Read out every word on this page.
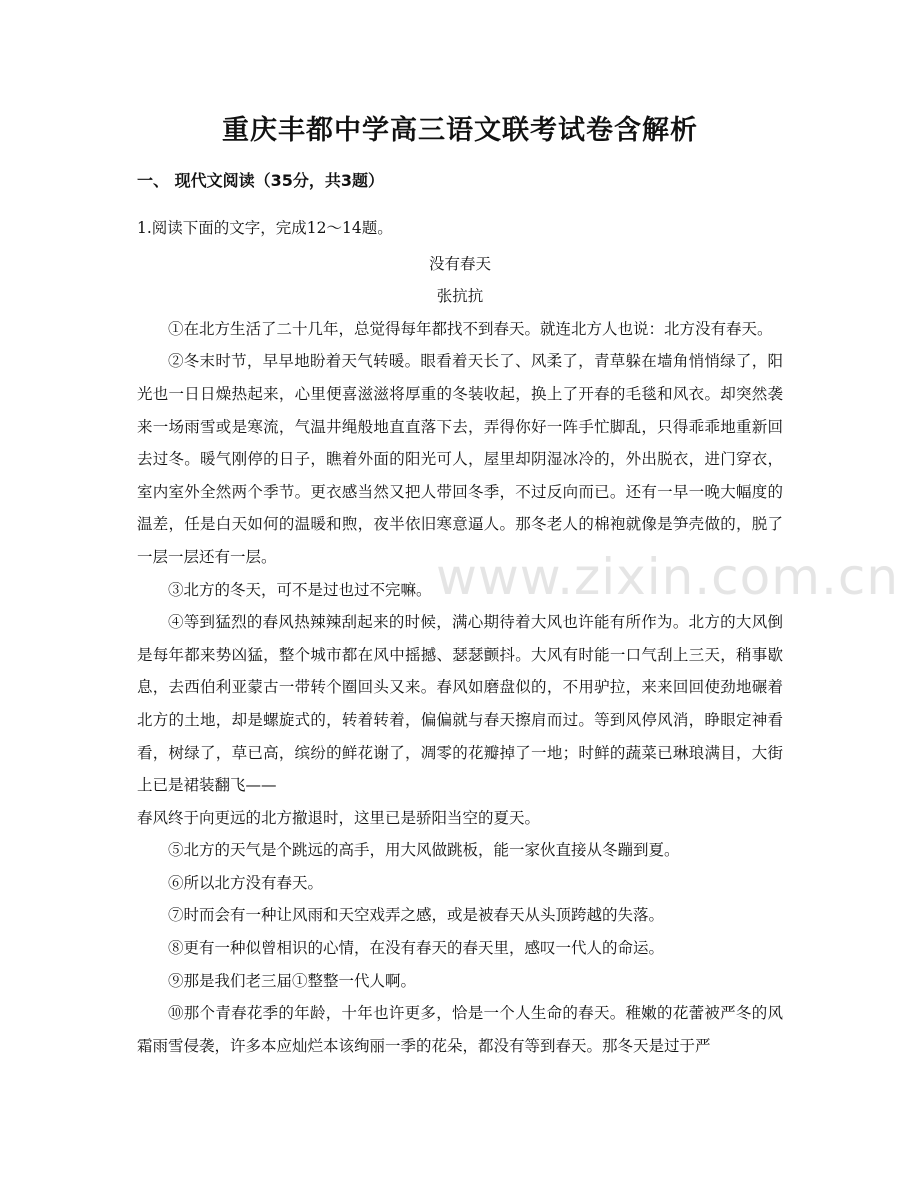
重庆丰都中学高三语文联考试卷含解析
一、 现代文阅读（35分，共3题）

1.阅读下面的文字，完成12～14题。

没有春天

张抗抗

①在北方生活了二十几年，总觉得每年都找不到春天。就连北方人也说：北方没有春天。

②冬末时节，早早地盼着天气转暖。眼看着天长了、风柔了，青草躲在墙角悄悄绿了，阳光也一日日燥热起来，心里便喜滋滋将厚重的冬装收起，换上了开春的毛毯和风衣。却突然袭来一场雨雪或是寒流，气温井绳般地直直落下去，弄得你好一阵手忙脚乱，只得乖乖地重新回去过冬。暖气刚停的日子，瞧着外面的阳光可人，屋里却阴湿冰冷的，外出脱衣，进门穿衣，室内室外全然两个季节。更衣感当然又把人带回冬季，不过反向而已。还有一早一晚大幅度的温差，任是白天如何的温暖和煦，夜半依旧寒意逼人。那冬老人的棉袍就像是笋壳做的，脱了一层一层还有一层。

③北方的冬天，可不是过也过不完嘛。

④等到猛烈的春风热辣辣刮起来的时候，满心期待着大风也许能有所作为。北方的大风倒是每年都来势凶猛，整个城市都在风中摇撼、瑟瑟颤抖。大风有时能一口气刮上三天，稍事歇息，去西伯利亚蒙古一带转个圈回头又来。春风如磨盘似的，不用驴拉，来来回回使劲地碾着北方的土地，却是螺旋式的，转着转着，偏偏就与春天擦肩而过。等到风停风消，睁眼定神看看，树绿了，草已高，缤纷的鲜花谢了，凋零的花瓣掉了一地；时鲜的蔬菜已琳琅满目，大街上已是裙装翻飞——

春风终于向更远的北方撤退时，这里已是骄阳当空的夏天。

⑤北方的天气是个跳远的高手，用大风做跳板，能一家伙直接从冬蹦到夏。

⑥所以北方没有春天。

⑦时而会有一种让风雨和天空戏弄之感，或是被春天从头顶跨越的失落。

⑧更有一种似曾相识的心情，在没有春天的春天里，感叹一代人的命运。

⑨那是我们老三届①整整一代人啊。

⑩那个青春花季的年龄，十年也许更多，恰是一个人生命的春天。稚嫩的花蕾被严冬的风霜雨雪侵袭，许多本应灿烂本该绚丽一季的花朵，都没有等到春天。那冬天是过于严

www.zixin.com.cn
